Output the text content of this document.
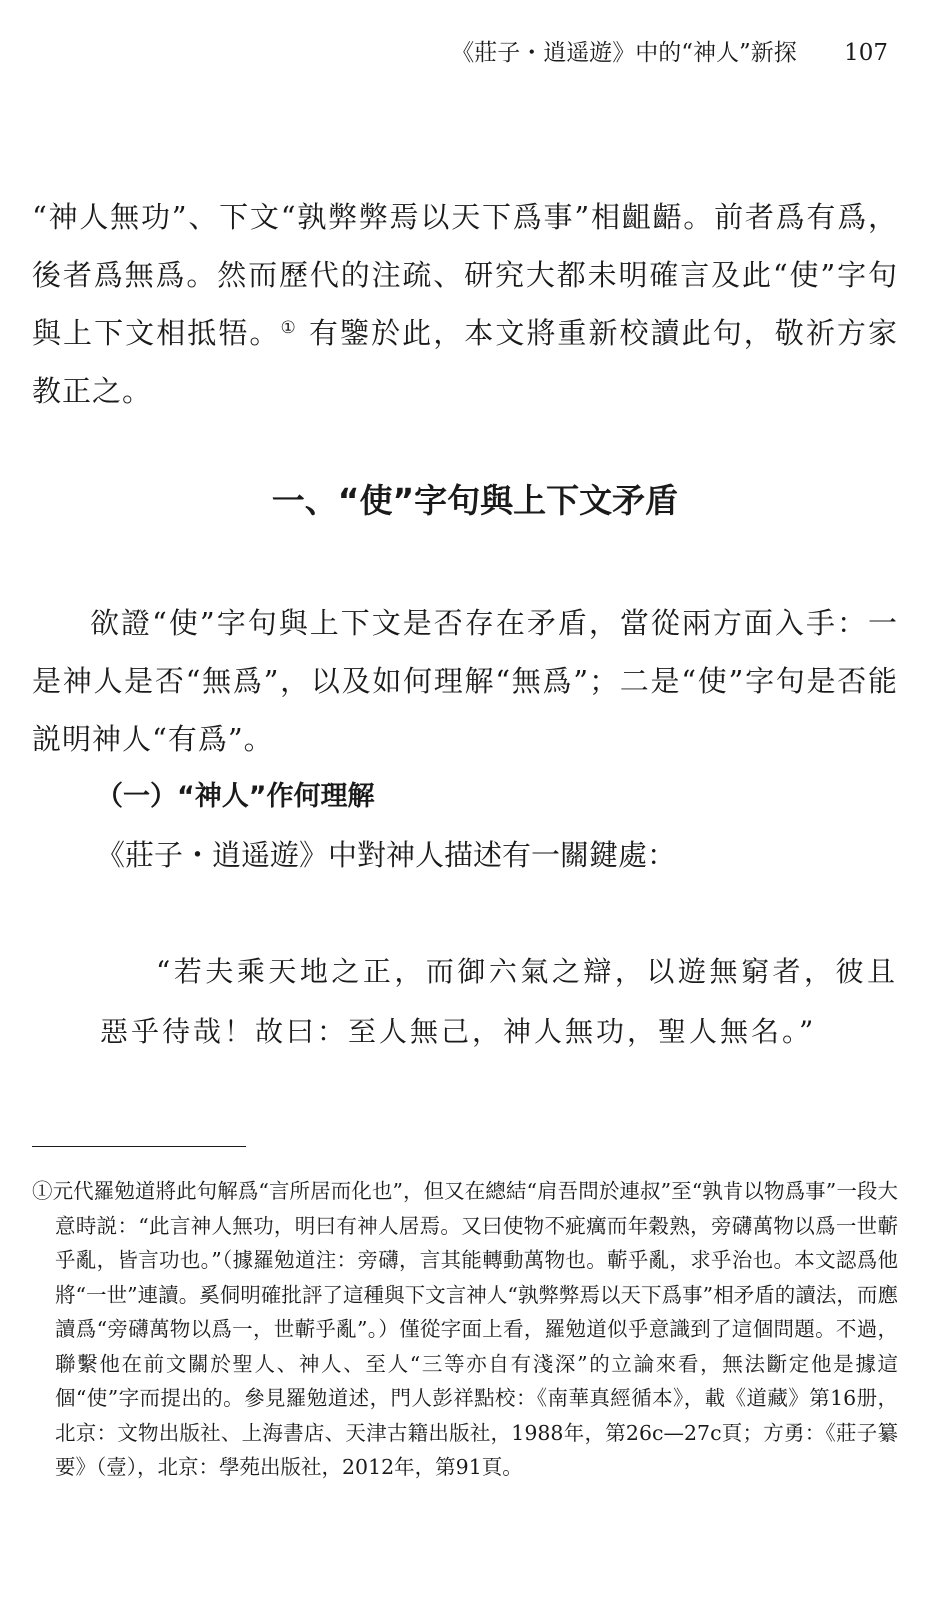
《莊子・逍遥遊》中的“神人”新探 107
“神人無功”、下文“孰弊弊焉以天下爲事”相齟齬。前者爲有爲，後者爲無爲。然而歷代的注疏、研究大都未明確言及此“使”字句與上下文相抵牾。① 有鑒於此，本文將重新校讀此句，敬祈方家教正之。
一、“使”字句與上下文矛盾
欲證“使”字句與上下文是否存在矛盾，當從兩方面入手：一是神人是否“無爲”，以及如何理解“無爲”；二是“使”字句是否能説明神人“有爲”。
（一）“神人”作何理解
《莊子・逍遥遊》中對神人描述有一關鍵處：
“若夫乘天地之正，而御六氣之辯，以遊無窮者，彼且惡乎待哉！故曰：至人無己，神人無功，聖人無名。”
①元代羅勉道將此句解爲“言所居而化也”，但又在總結“肩吾問於連叔”至“孰肯以物爲事”一段大意時説：“此言神人無功，明曰有神人居焉。又曰使物不疵癘而年穀熟，旁礴萬物以爲一世蘄乎亂，皆言功也。”（據羅勉道注：旁礴，言其能轉動萬物也。蘄乎亂，求乎治也。本文認爲他將“一世”連讀。奚侗明確批評了這種與下文言神人“孰弊弊焉以天下爲事”相矛盾的讀法，而應讀爲“旁礴萬物以爲一，世蘄乎亂”。）僅從字面上看，羅勉道似乎意識到了這個問題。不過，聯繫他在前文關於聖人、神人、至人“三等亦自有淺深”的立論來看，無法斷定他是據這個“使”字而提出的。參見羅勉道述，門人彭祥點校：《南華真經循本》，載《道藏》第16册，北京：文物出版社、上海書店、天津古籍出版社，1988年，第26c—27c頁；方勇：《莊子纂要》（壹），北京：學苑出版社，2012年，第91頁。
